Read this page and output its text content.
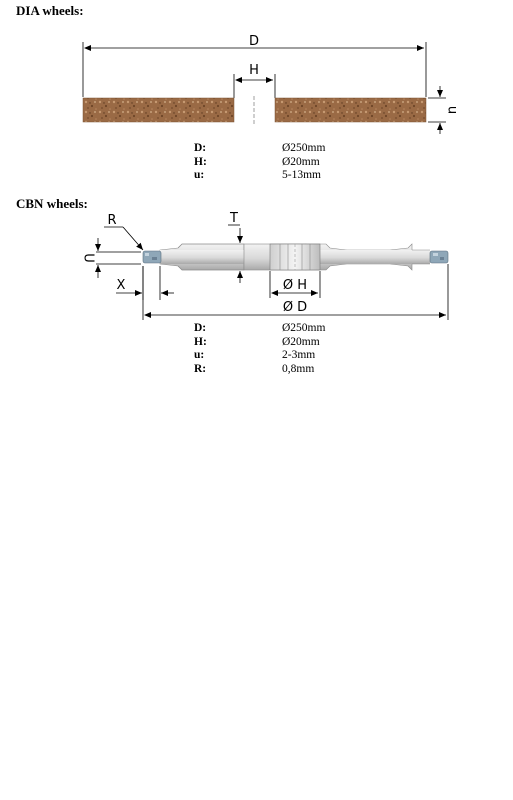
DIA wheels:
D
H
u
R	T
U
X	Ø H
Ø D
D:	Ø250mm
H:	Ø20mm
u:	5-13mm
CBN wheels:
D:	Ø250mm
H:	Ø20mm
u:	2-3mm
R:	0,8mm
